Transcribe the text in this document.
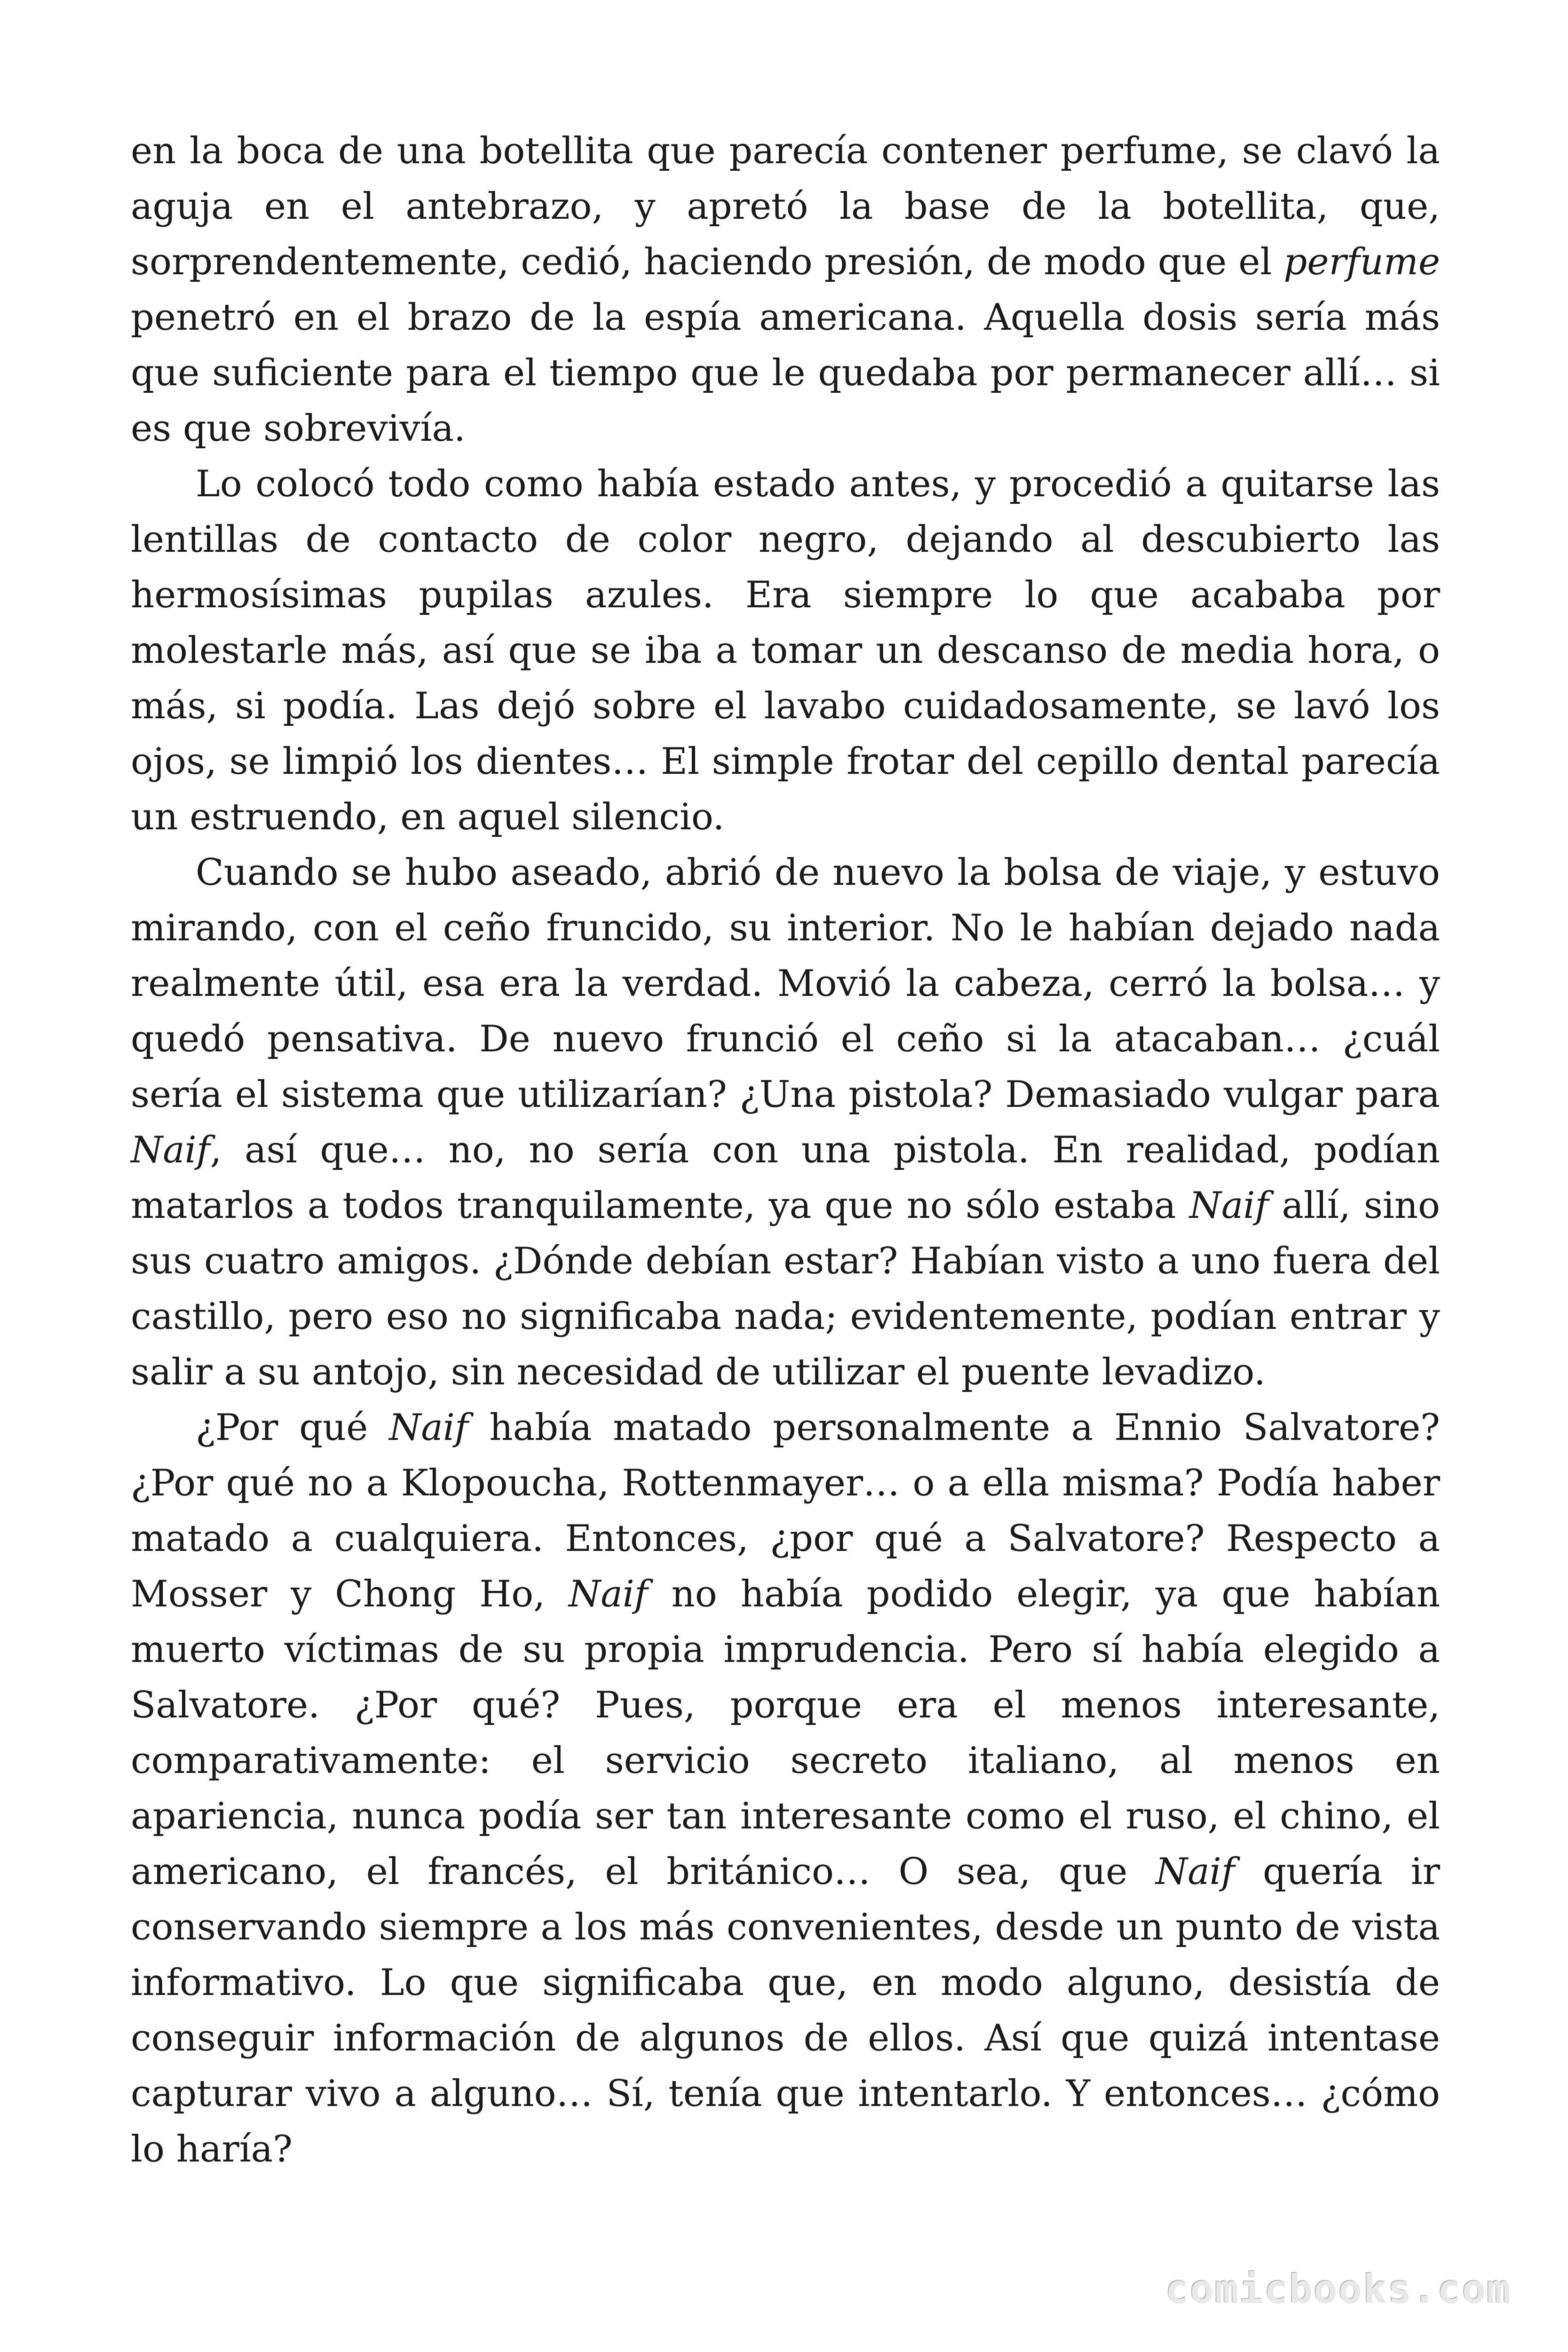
en la boca de una botellita que parecía contener perfume, se clavó la aguja en el antebrazo, y apretó la base de la botellita, que, sorprendentemente, cedió, haciendo presión, de modo que el perfume penetró en el brazo de la espía americana. Aquella dosis sería más que suficiente para el tiempo que le quedaba por permanecer allí… si es que sobrevivía.

Lo colocó todo como había estado antes, y procedió a quitarse las lentillas de contacto de color negro, dejando al descubierto las hermosísimas pupilas azules. Era siempre lo que acababa por molestarle más, así que se iba a tomar un descanso de media hora, o más, si podía. Las dejó sobre el lavabo cuidadosamente, se lavó los ojos, se limpió los dientes… El simple frotar del cepillo dental parecía un estruendo, en aquel silencio.

Cuando se hubo aseado, abrió de nuevo la bolsa de viaje, y estuvo mirando, con el ceño fruncido, su interior. No le habían dejado nada realmente útil, esa era la verdad. Movió la cabeza, cerró la bolsa… y quedó pensativa. De nuevo frunció el ceño si la atacaban… ¿cuál sería el sistema que utilizarían? ¿Una pistola? Demasiado vulgar para Naif, así que… no, no sería con una pistola. En realidad, podían matarlos a todos tranquilamente, ya que no sólo estaba Naif allí, sino sus cuatro amigos. ¿Dónde debían estar? Habían visto a uno fuera del castillo, pero eso no significaba nada; evidentemente, podían entrar y salir a su antojo, sin necesidad de utilizar el puente levadizo.

¿Por qué Naif había matado personalmente a Ennio Salvatore? ¿Por qué no a Klopoucha, Rottenmayer… o a ella misma? Podía haber matado a cualquiera. Entonces, ¿por qué a Salvatore? Respecto a Mosser y Chong Ho, Naif no había podido elegir, ya que habían muerto víctimas de su propia imprudencia. Pero sí había elegido a Salvatore. ¿Por qué? Pues, porque era el menos interesante, comparativamente: el servicio secreto italiano, al menos en apariencia, nunca podía ser tan interesante como el ruso, el chino, el americano, el francés, el británico… O sea, que Naif quería ir conservando siempre a los más convenientes, desde un punto de vista informativo. Lo que significaba que, en modo alguno, desistía de conseguir información de algunos de ellos. Así que quizá intentase capturar vivo a alguno… Sí, tenía que intentarlo. Y entonces… ¿cómo lo haría?

comicbooks.com
